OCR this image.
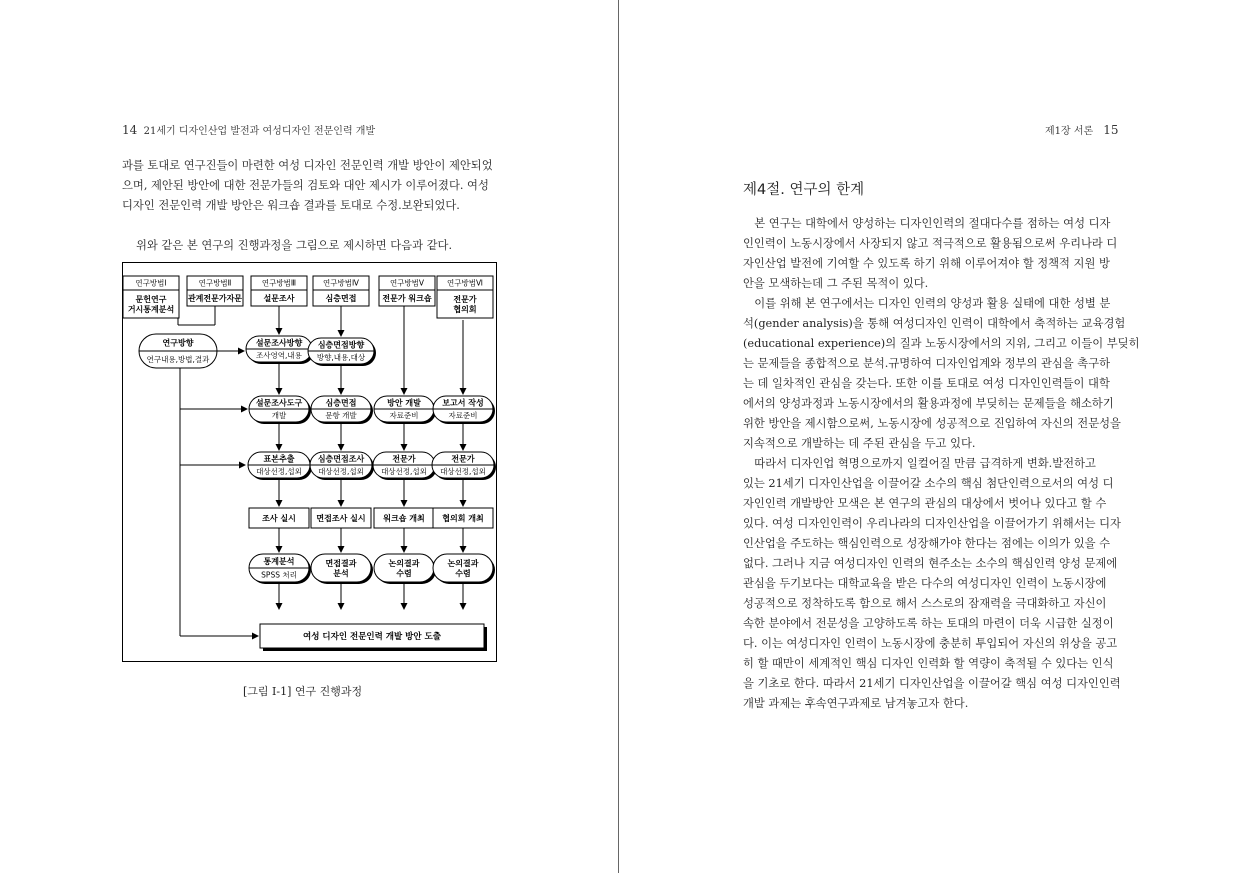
14 21세기 디자인산업 발전과 여성디자인 전문인력 개발

과를 토대로 연구진들이 마련한 여성 디자인 전문인력 개발 방안이 제안되었

으며, 제안된 방안에 대한 전문가들의 검토와 대안 제시가 이루어졌다. 여성

디자인 전문인력 개발 방안은 워크숍 결과를 토대로 수정.보완되었다.

위와 같은 본 연구의 진행과정을 그림으로 제시하면 다음과 같다.

연구방법Ⅰ
문헌연구
거시통계분석
연구방법Ⅱ
관계전문가자문
연구방법Ⅲ
설문조사
연구방법Ⅳ
심층면접
연구방법Ⅴ
전문가 워크숍
연구방법Ⅵ
전문가
협의회
연구방향
연구내용,방법,결과
설문조사방향
조사영역,내용
심층면접방향
방향,내용,대상
설문조사도구
개발
심층면접
문항 개발
방안 개발
자료준비
보고서 작성
자료준비
표본추출
대상선정,섭외
심층면접조사
대상선정,섭외
전문가
대상선정,섭외
전문가
대상선정,섭외
조사 실시	면접조사 실시 워크숍 개최 협의회 개최
통계분석
SPSS 처리
면접결과
분석
논의결과
수렴
논의결과
수렴
여성 디자인 전문인력 개발 방안 도출
[그림 Ⅰ-1] 연구 진행과정
제1장 서론 15
제4절. 연구의 한계

　본 연구는 대학에서 양성하는 디자인인력의 절대다수를 점하는 여성 디자

인인력이 노동시장에서 사장되지 않고 적극적으로 활용됨으로써 우리나라 디

자인산업 발전에 기여할 수 있도록 하기 위해 이루어져야 할 정책적 지원 방

안을 모색하는데 그 주된 목적이 있다.

　이를 위해 본 연구에서는 디자인 인력의 양성과 활용 실태에 대한 성별 분

석(gender analysis)을 통해 여성디자인 인력이 대학에서 축적하는 교육경험

(educational experience)의 질과 노동시장에서의 지위, 그리고 이들이 부딪히

는 문제들을 종합적으로 분석.규명하여 디자인업계와 정부의 관심을 촉구하

는 데 일차적인 관심을 갖는다. 또한 이를 토대로 여성 디자인인력들이 대학

에서의 양성과정과 노동시장에서의 활용과정에 부딪히는 문제들을 해소하기

위한 방안을 제시함으로써, 노동시장에 성공적으로 진입하여 자신의 전문성을

지속적으로 개발하는 데 주된 관심을 두고 있다.

　따라서 디자인업 혁명으로까지 일컬어질 만큼 급격하게 변화.발전하고

있는 21세기 디자인산업을 이끌어갈 소수의 핵심 첨단인력으로서의 여성 디

자인인력 개발방안 모색은 본 연구의 관심의 대상에서 벗어나 있다고 할 수

있다. 여성 디자인인력이 우리나라의 디자인산업을 이끌어가기 위해서는 디자

인산업을 주도하는 핵심인력으로 성장해가야 한다는 점에는 이의가 있을 수

없다. 그러나 지금 여성디자인 인력의 현주소는 소수의 핵심인력 양성 문제에

관심을 두기보다는 대학교육을 받은 다수의 여성디자인 인력이 노동시장에

성공적으로 정착하도록 함으로 해서 스스로의 잠재력을 극대화하고 자신이

속한 분야에서 전문성을 고양하도록 하는 토대의 마련이 더욱 시급한 실정이

다. 이는 여성디자인 인력이 노동시장에 충분히 투입되어 자신의 위상을 공고

히 할 때만이 세계적인 핵심 디자인 인력화 할 역량이 축적될 수 있다는 인식

을 기초로 한다. 따라서 21세기 디자인산업을 이끌어갈 핵심 여성 디자인인력

개발 과제는 후속연구과제로 남겨놓고자 한다.
